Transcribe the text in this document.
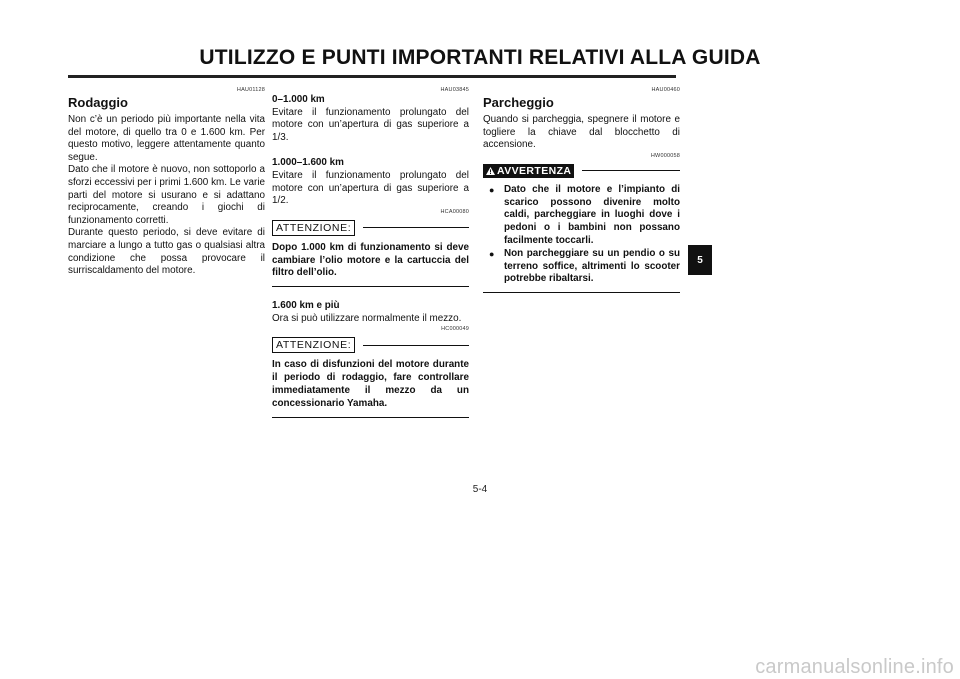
UTILIZZO E PUNTI IMPORTANTI RELATIVI ALLA GUIDA
HAU01128
Rodaggio

Non c’è un periodo più importante nella vita del motore, di quello tra 0 e 1.600 km. Per questo motivo, leggere attentamente quanto segue.

Dato che il motore è nuovo, non sottoporlo a sforzi eccessivi per i primi 1.600 km. Le varie parti del motore si usurano e si adattano reciprocamente, creando i giochi di funzionamento corretti.

Durante questo periodo, si deve evitare di marciare a lungo a tutto gas o qualsiasi altra condizione che possa provocare il surriscaldamento del motore.

HAU03845

0–1.000 km

Evitare il funzionamento prolungato del motore con un’apertura di gas superiore a 1/3.

1.000–1.600 km

Evitare il funzionamento prolungato del motore con un’apertura di gas superiore a 1/2.

HCA00080
ATTENZIONE:
Dopo 1.000 km di funzionamento si deve cambiare l’olio motore e la cartuccia del filtro dell’olio.

1.600 km e più

Ora si può utilizzare normalmente il mezzo.

HC000049
ATTENZIONE:
In caso di disfunzioni del motore durante il periodo di rodaggio, fare controllare immediatamente il mezzo da un concessionario Yamaha.
HAU00460
Parcheggio

Quando si parcheggia, spegnere il motore e togliere la chiave dal blocchetto di accensione.

HW000058
AVVERTENZA
● Dato che il motore e l’impianto di scarico possono divenire molto caldi, parcheggiare in luoghi dove i pedoni o i bambini non possano facilmente toccarli.
● Non parcheggiare su un pendio o su terreno soffice, altrimenti lo scooter potrebbe ribaltarsi.
5-4
5
carmanualsonline.info
